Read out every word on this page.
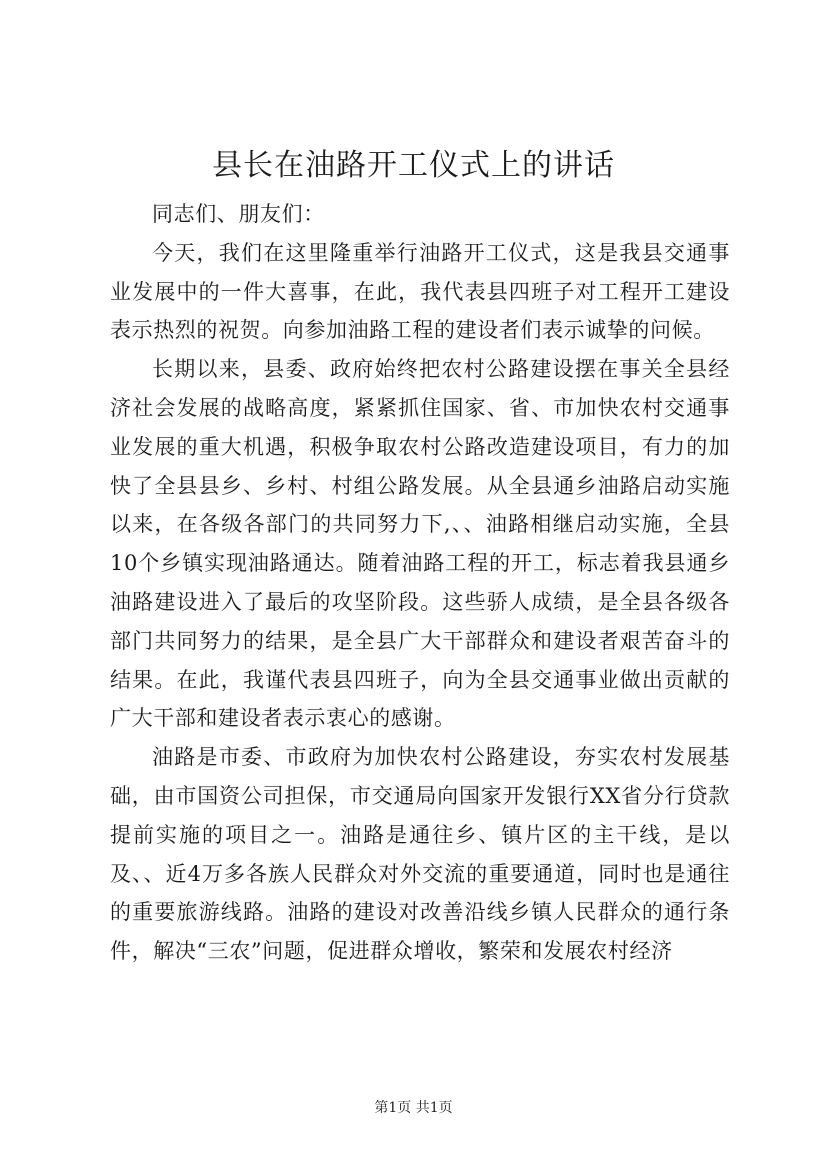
县长在油路开工仪式上的讲话

同志们、朋友们：

今天，我们在这里隆重举行油路开工仪式，这是我县交通事业发展中的一件大喜事，在此，我代表县四班子对工程开工建设表示热烈的祝贺。向参加油路工程的建设者们表示诚挚的问候。

长期以来，县委、政府始终把农村公路建设摆在事关全县经济社会发展的战略高度，紧紧抓住国家、省、市加快农村交通事业发展的重大机遇，积极争取农村公路改造建设项目，有力的加快了全县县乡、乡村、村组公路发展。从全县通乡油路启动实施以来，在各级各部门的共同努力下,、、油路相继启动实施，全县10个乡镇实现油路通达。随着油路工程的开工，标志着我县通乡油路建设进入了最后的攻坚阶段。这些骄人成绩，是全县各级各部门共同努力的结果，是全县广大干部群众和建设者艰苦奋斗的结果。在此，我谨代表县四班子，向为全县交通事业做出贡献的广大干部和建设者表示衷心的感谢。

油路是市委、市政府为加快农村公路建设，夯实农村发展基础，由市国资公司担保，市交通局向国家开发银行XX省分行贷款提前实施的项目之一。油路是通往乡、镇片区的主干线，是以及、、近4万多各族人民群众对外交流的重要通道，同时也是通往的重要旅游线路。油路的建设对改善沿线乡镇人民群众的通行条件，解决“三农”问题，促进群众增收，繁荣和发展农村经济

第1页 共1页
